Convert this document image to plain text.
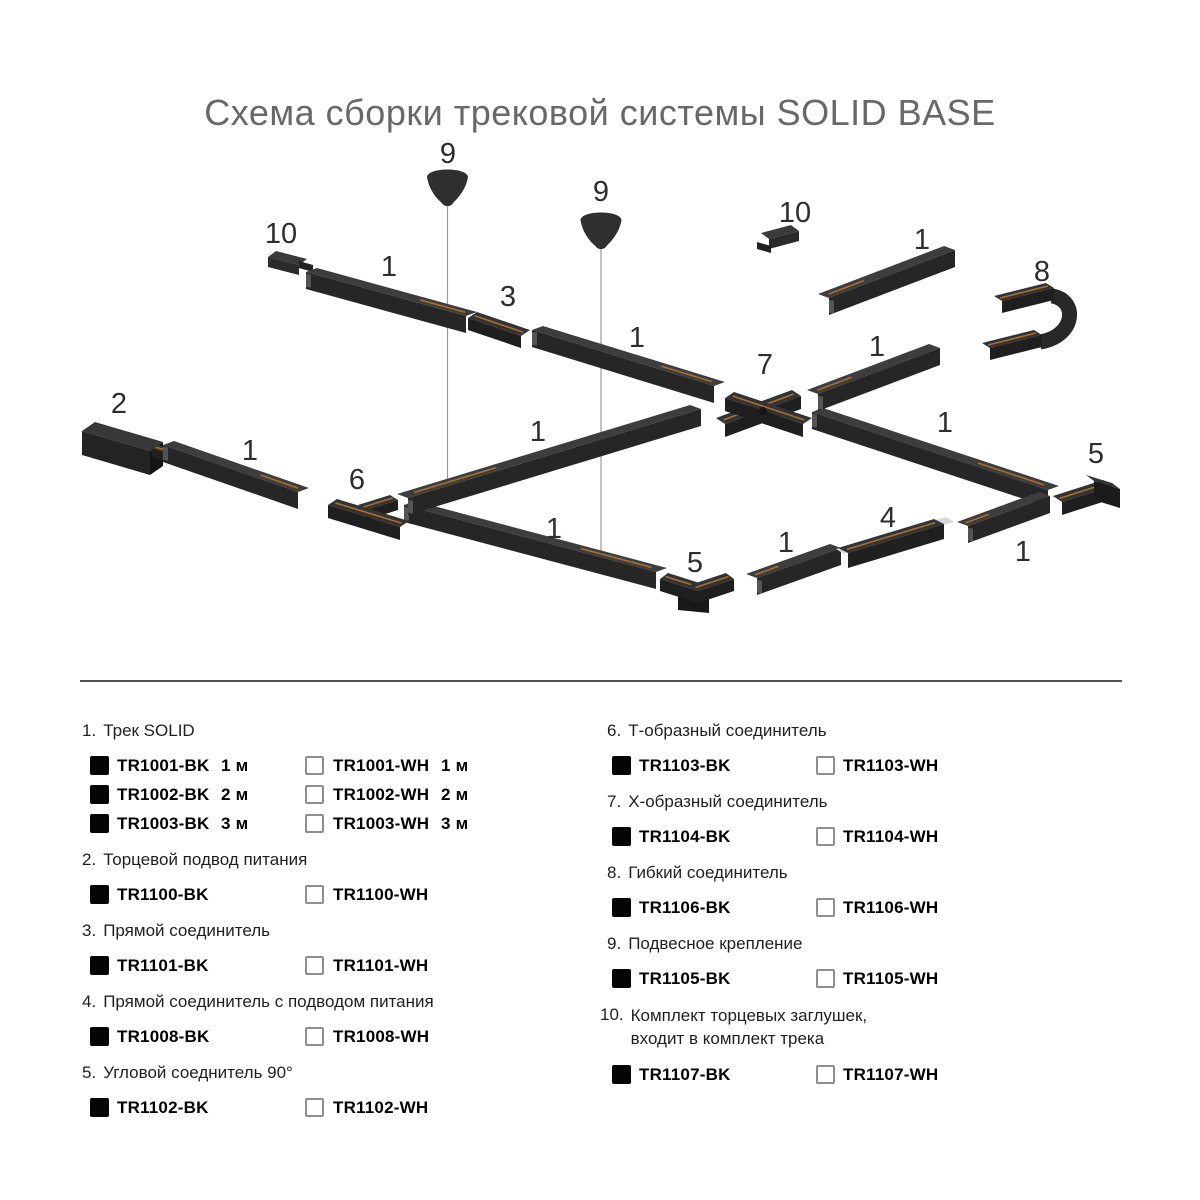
Схема сборки трековой системы SOLID BASE
9
9
10
10
1
3
1
1
8
1
7
2
1
6
1	1
5
1
4
1
1
5
1. Трек SOLID
TR1001-BK 1 м	TR1001-WH 1 м
TR1002-BK 2 м	TR1002-WH 2 м
TR1003-BK 3 м	TR1003-WH 3 м
2. Торцевой подвод питания
TR1100-BK	TR1100-WH
3. Прямой соединитель
TR1101-BK	TR1101-WH
4. Прямой соединитель с подводом питания
TR1008-BK	TR1008-WH
5. Угловой соеднитель 90°
TR1102-BK	TR1102-WH
6. Т-образный соединитель
TR1103-BK	TR1103-WH
7. Х-образный соединитель
TR1104-BK	TR1104-WH
8. Гибкий соединитель
TR1106-BK	TR1106-WH
9. Подвесное крепление
TR1105-BK	TR1105-WH
10. Комплект торцевых заглушек,
входит в комплект трека
TR1107-BK	TR1107-WH
